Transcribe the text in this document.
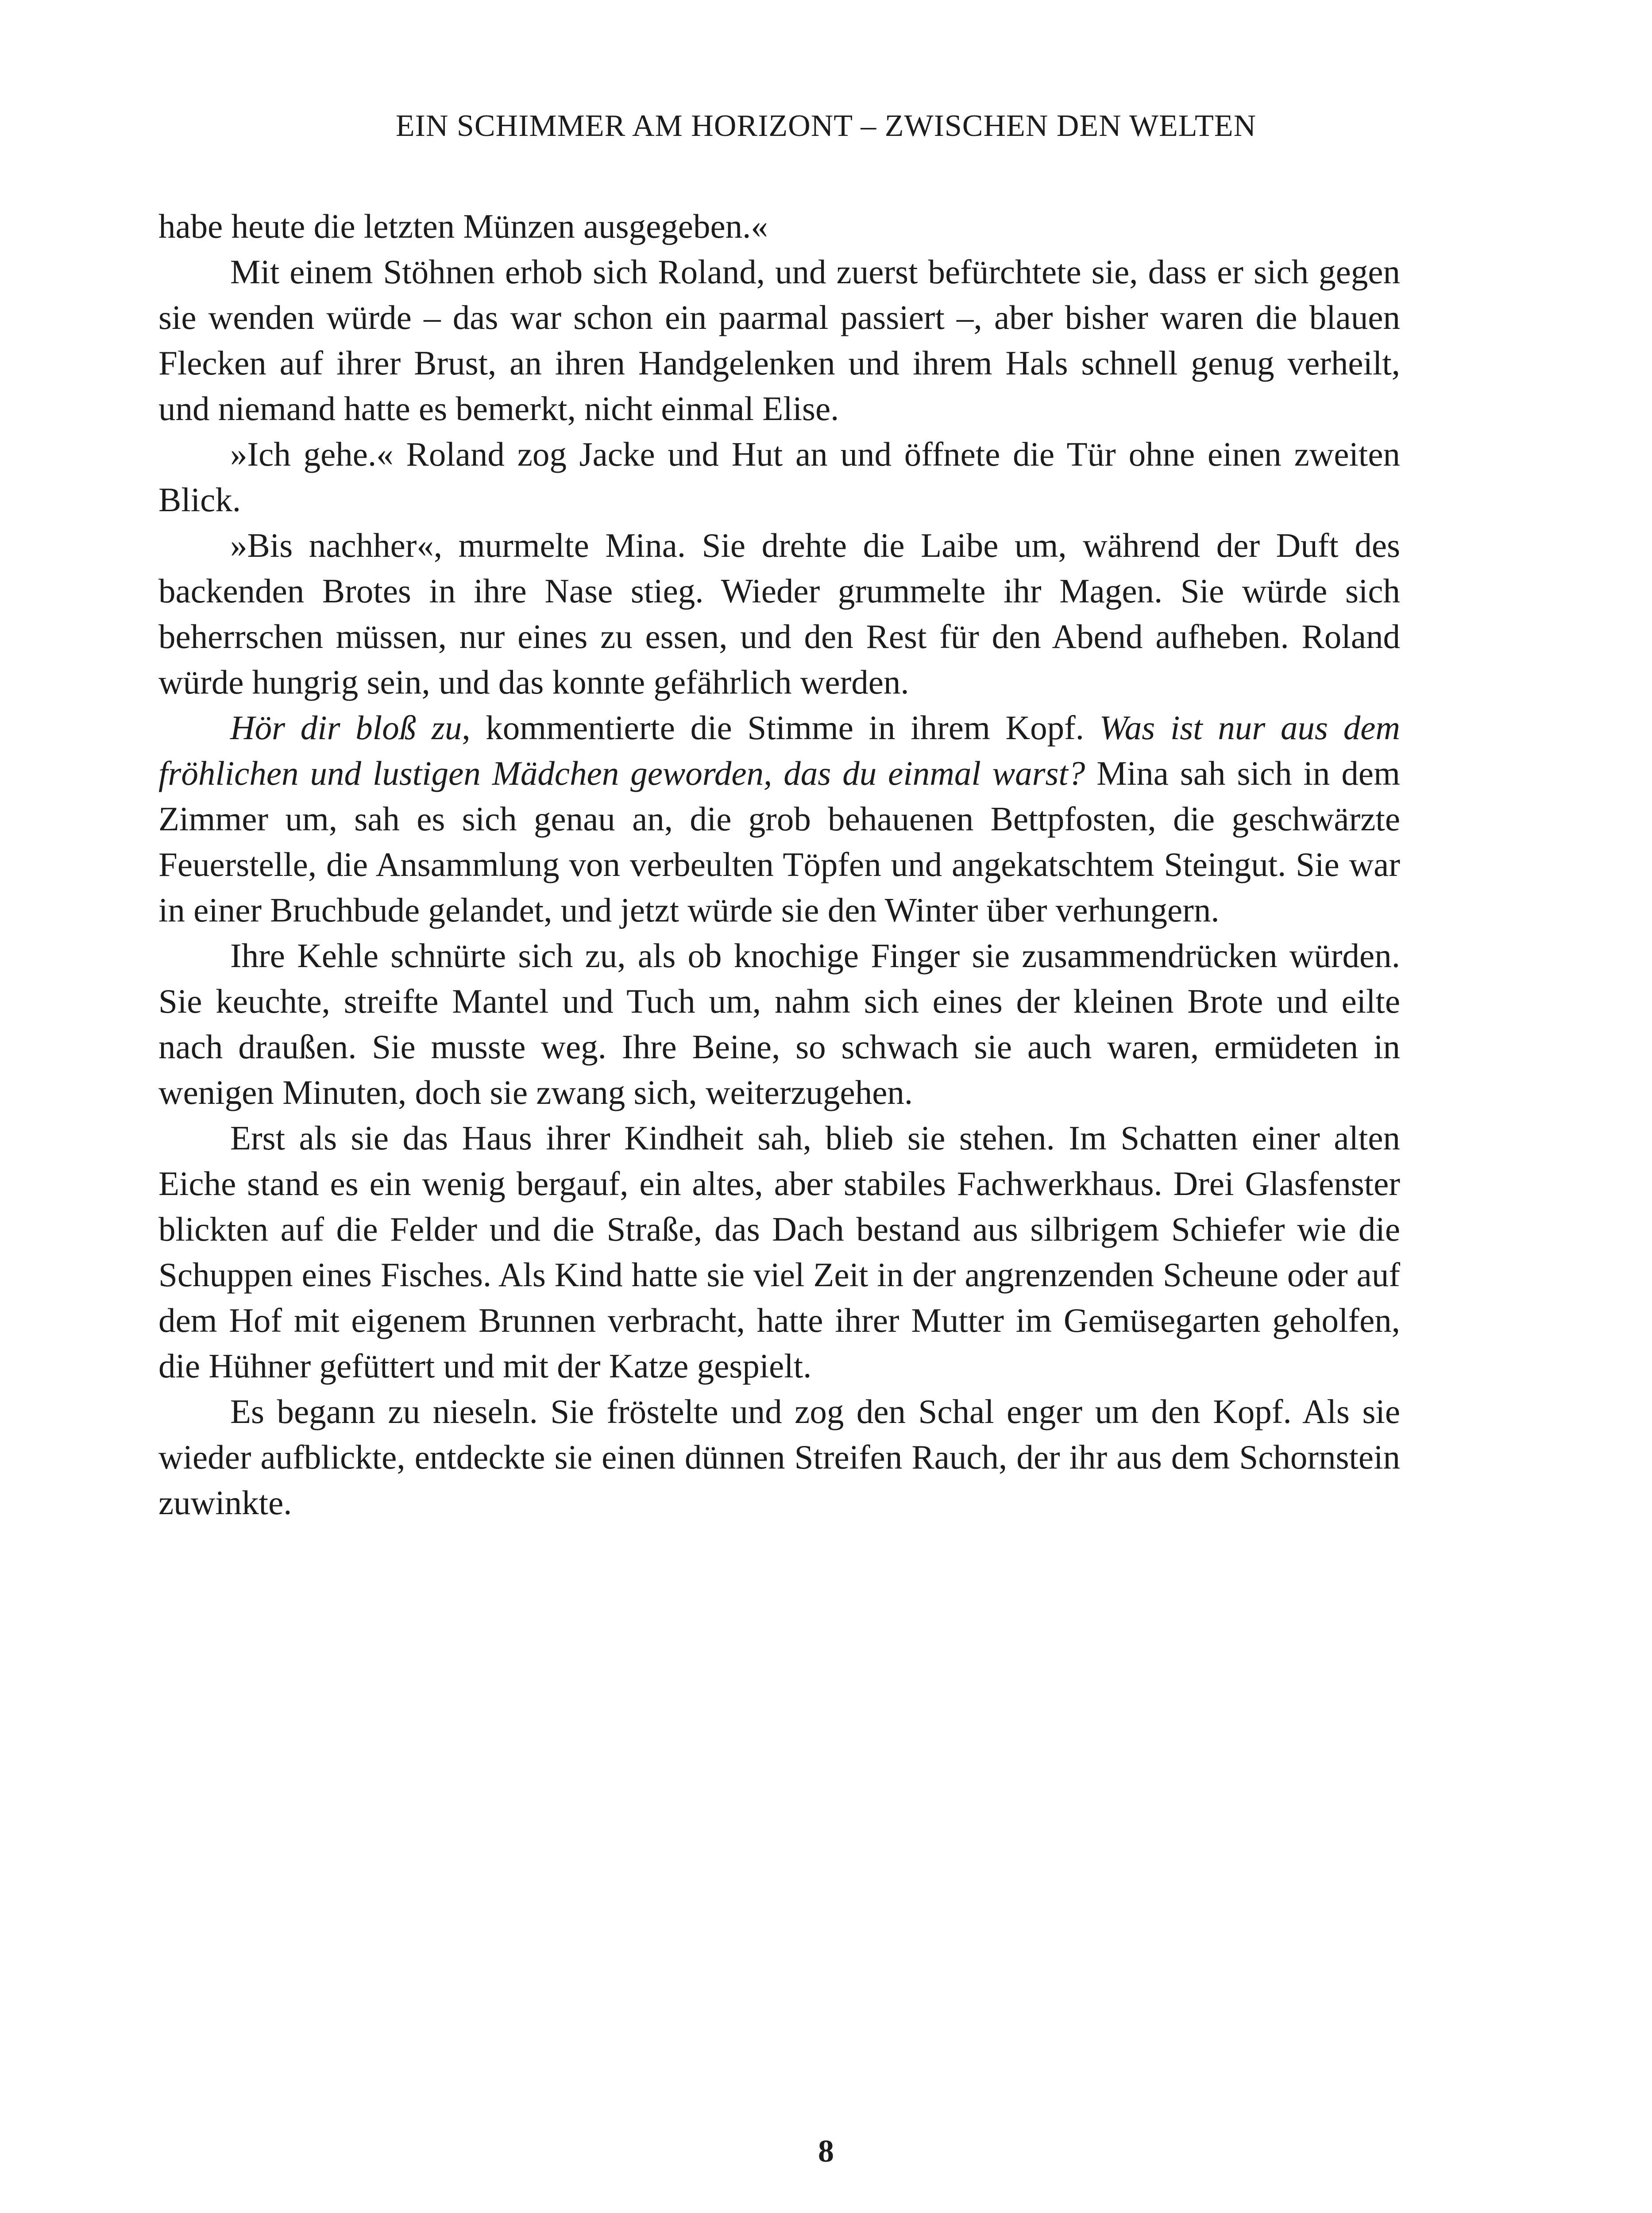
EIN SCHIMMER AM HORIZONT – ZWISCHEN DEN WELTEN

habe heute die letzten Münzen ausgegeben.«

Mit einem Stöhnen erhob sich Roland, und zuerst befürchtete sie, dass er sich gegen sie wenden würde – das war schon ein paarmal passiert –, aber bisher waren die blauen Flecken auf ihrer Brust, an ihren Handgelenken und ihrem Hals schnell genug verheilt, und niemand hatte es bemerkt, nicht einmal Elise.

»Ich gehe.« Roland zog Jacke und Hut an und öffnete die Tür ohne einen zweiten Blick.

»Bis nachher«, murmelte Mina. Sie drehte die Laibe um, während der Duft des backenden Brotes in ihre Nase stieg. Wieder grummelte ihr Magen. Sie würde sich beherrschen müssen, nur eines zu essen, und den Rest für den Abend aufheben. Roland würde hungrig sein, und das konnte gefährlich werden.

Hör dir bloß zu, kommentierte die Stimme in ihrem Kopf. Was ist nur aus dem fröhlichen und lustigen Mädchen geworden, das du einmal warst? Mina sah sich in dem Zimmer um, sah es sich genau an, die grob behauenen Bettpfosten, die geschwärzte Feuerstelle, die Ansammlung von verbeulten Töpfen und angekatschtem Steingut. Sie war in einer Bruchbude gelandet, und jetzt würde sie den Winter über verhungern.

Ihre Kehle schnürte sich zu, als ob knochige Finger sie zusammendrücken würden. Sie keuchte, streifte Mantel und Tuch um, nahm sich eines der kleinen Brote und eilte nach draußen. Sie musste weg. Ihre Beine, so schwach sie auch waren, ermüdeten in wenigen Minuten, doch sie zwang sich, weiterzugehen.

Erst als sie das Haus ihrer Kindheit sah, blieb sie stehen. Im Schatten einer alten Eiche stand es ein wenig bergauf, ein altes, aber stabiles Fachwerkhaus. Drei Glasfenster blickten auf die Felder und die Straße, das Dach bestand aus silbrigem Schiefer wie die Schuppen eines Fisches. Als Kind hatte sie viel Zeit in der angrenzenden Scheune oder auf dem Hof mit eigenem Brunnen verbracht, hatte ihrer Mutter im Gemüsegarten geholfen, die Hühner gefüttert und mit der Katze gespielt.

Es begann zu nieseln. Sie fröstelte und zog den Schal enger um den Kopf. Als sie wieder aufblickte, entdeckte sie einen dünnen Streifen Rauch, der ihr aus dem Schornstein zuwinkte.

8
